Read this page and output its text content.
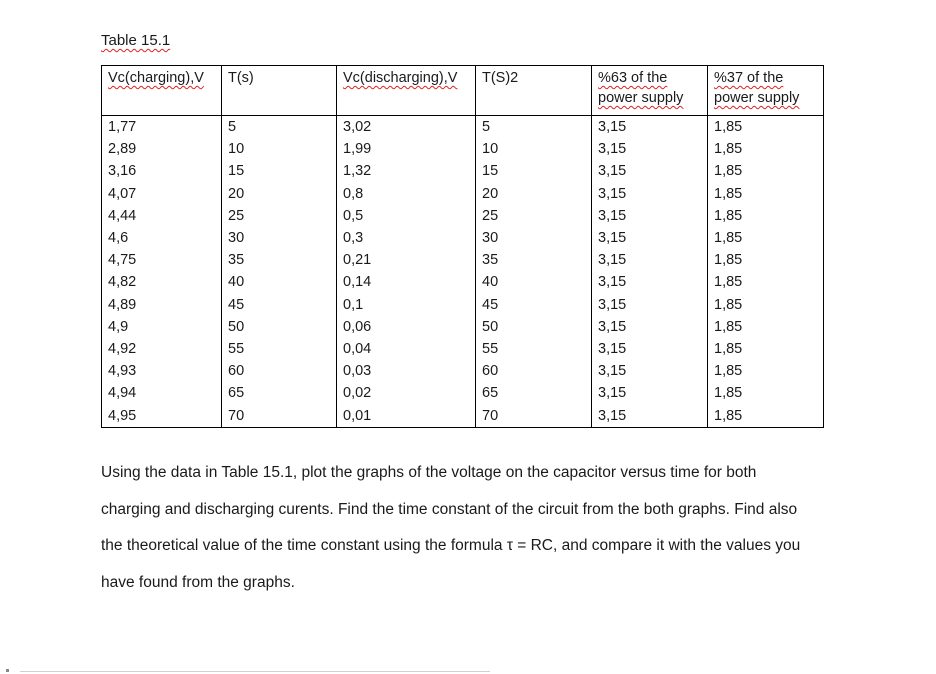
Table 15.1
Vc(charging),V	T(s)	Vc(discharging),V	T(S)2	%63 of the power supply	%37 of the power supply
1,77	5	3,02	5	3,15	1,85
2,89	10	1,99	10	3,15	1,85
3,16	15	1,32	15	3,15	1,85
4,07	20	0,8	20	3,15	1,85
4,44	25	0,5	25	3,15	1,85
4,6	30	0,3	30	3,15	1,85
4,75	35	0,21	35	3,15	1,85
4,82	40	0,14	40	3,15	1,85
4,89	45	0,1	45	3,15	1,85
4,9	50	0,06	50	3,15	1,85
4,92	55	0,04	55	3,15	1,85
4,93	60	0,03	60	3,15	1,85
4,94	65	0,02	65	3,15	1,85
4,95	70	0,01	70	3,15	1,85
Using the data in Table 15.1, plot the graphs of the voltage on the capacitor versus time for both charging and discharging curents. Find the time constant of the circuit from the both graphs. Find also the theoretical value of the time constant using the formula τ = RC, and compare it with the values you have found from the graphs.
